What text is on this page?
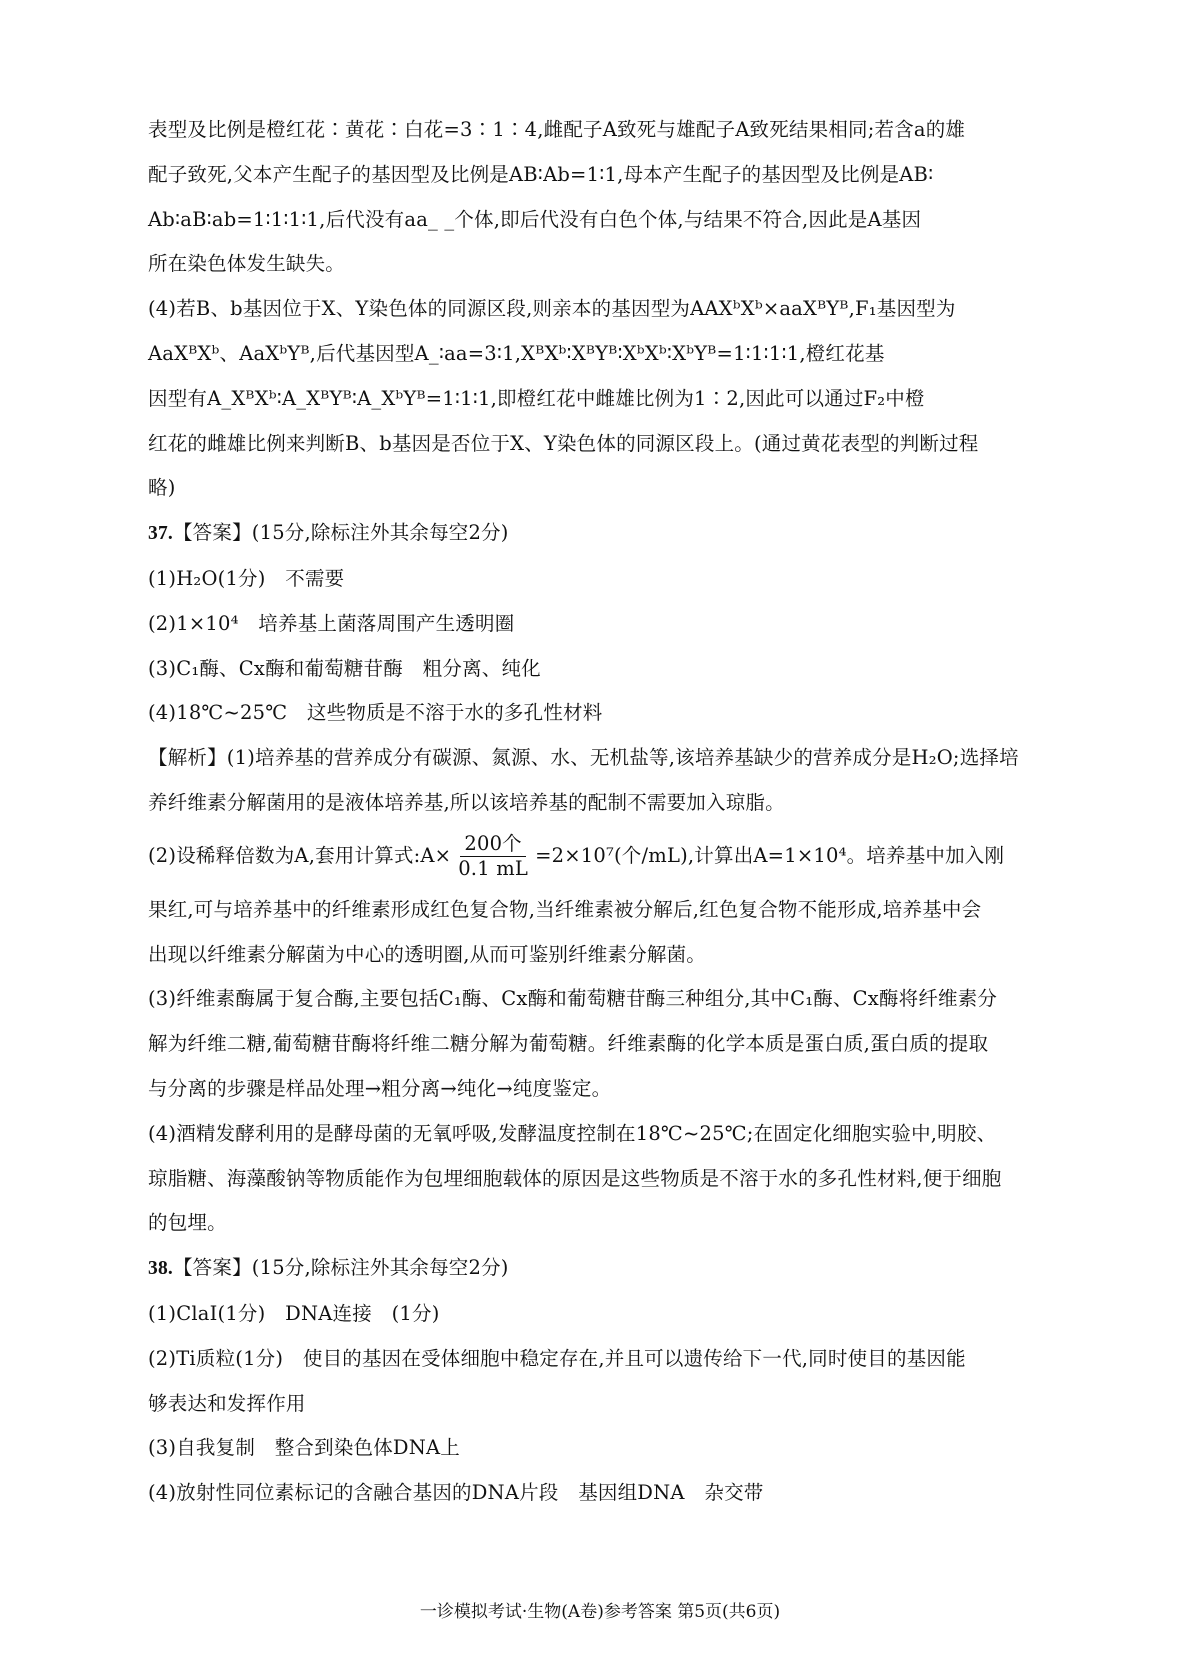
表型及比例是橙红花∶黄花∶白花=3∶1∶4,雌配子A致死与雄配子A致死结果相同;若含a的雄

配子致死,父本产生配子的基因型及比例是AB∶Ab=1∶1,母本产生配子的基因型及比例是AB∶

Ab∶aB∶ab=1∶1∶1∶1,后代没有aa_ _个体,即后代没有白色个体,与结果不符合,因此是A基因

所在染色体发生缺失。

(4)若B、b基因位于X、Y染色体的同源区段,则亲本的基因型为AAXᵇXᵇ×aaXᴮYᴮ,F₁基因型为

AaXᴮXᵇ、AaXᵇYᴮ,后代基因型A_∶aa=3∶1,XᴮXᵇ∶XᴮYᴮ∶XᵇXᵇ∶XᵇYᴮ=1∶1∶1∶1,橙红花基

因型有A_XᴮXᵇ∶A_XᴮYᴮ∶A_XᵇYᴮ=1∶1∶1,即橙红花中雌雄比例为1∶2,因此可以通过F₂中橙

红花的雌雄比例来判断B、b基因是否位于X、Y染色体的同源区段上。(通过黄花表型的判断过程

略)

37.【答案】(15分,除标注外其余每空2分)

(1)H₂O(1分)　不需要

(2)1×10⁴　培养基上菌落周围产生透明圈

(3)C₁酶、Cx酶和葡萄糖苷酶　粗分离、纯化

(4)18℃~25℃　这些物质是不溶于水的多孔性材料

【解析】(1)培养基的营养成分有碳源、氮源、水、无机盐等,该培养基缺少的营养成分是H₂O;选择培

养纤维素分解菌用的是液体培养基,所以该培养基的配制不需要加入琼脂。

(2)设稀释倍数为A,套用计算式:A× $\frac{\text{200个}}{0.1 mL} =2\times 10^7$(个/mL),计算出A=1×10⁴。培养基中加入刚

果红,可与培养基中的纤维素形成红色复合物,当纤维素被分解后,红色复合物不能形成,培养基中会

出现以纤维素分解菌为中心的透明圈,从而可鉴别纤维素分解菌。

(3)纤维素酶属于复合酶,主要包括C₁酶、Cx酶和葡萄糖苷酶三种组分,其中C₁酶、Cx酶将纤维素分

解为纤维二糖,葡萄糖苷酶将纤维二糖分解为葡萄糖。纤维素酶的化学本质是蛋白质,蛋白质的提取

与分离的步骤是样品处理→粗分离→纯化→纯度鉴定。

(4)酒精发酵利用的是酵母菌的无氧呼吸,发酵温度控制在18℃~25℃;在固定化细胞实验中,明胶、

琼脂糖、海藻酸钠等物质能作为包埋细胞载体的原因是这些物质是不溶于水的多孔性材料,便于细胞

的包埋。

38.【答案】(15分,除标注外其余每空2分)

(1)ClaⅠ(1分)　DNA连接　(1分)

(2)Ti质粒(1分)　使目的基因在受体细胞中稳定存在,并且可以遗传给下一代,同时使目的基因能

够表达和发挥作用

(3)自我复制　整合到染色体DNA上

(4)放射性同位素标记的含融合基因的DNA片段　基因组DNA　杂交带

一诊模拟考试·生物(A卷)参考答案 第5页(共6页)
